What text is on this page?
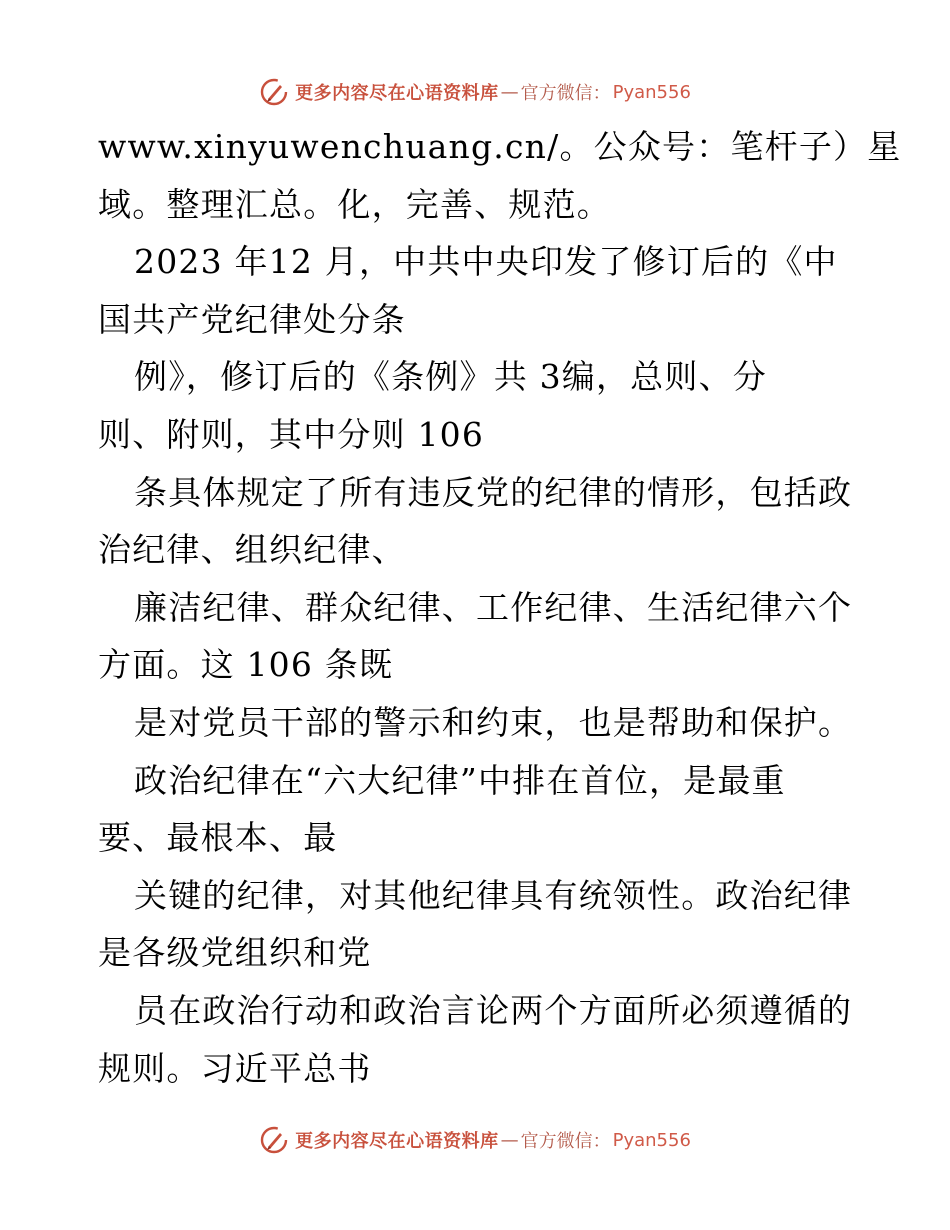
更多内容尽在心语资料库 — 官方微信： Pyan556

www.xinyuwenchuang.cn/。公众号：笔杆子）星

域。整理汇总。化，完善、规范。

2023 年12 月，中共中央印发了修订后的《中

国共产党纪律处分条

例》，修订后的《条例》共 3编，总则、分

则、附则，其中分则 106

条具体规定了所有违反党的纪律的情形，包括政

治纪律、组织纪律、

廉洁纪律、群众纪律、工作纪律、生活纪律六个

方面。这 106 条既

是对党员干部的警示和约束，也是帮助和保护。

政治纪律在“六大纪律”中排在首位，是最重

要、最根本、最

关键的纪律，对其他纪律具有统领性。政治纪律

是各级党组织和党

员在政治行动和政治言论两个方面所必须遵循的

规则。习近平总书

更多内容尽在心语资料库 — 官方微信： Pyan556
